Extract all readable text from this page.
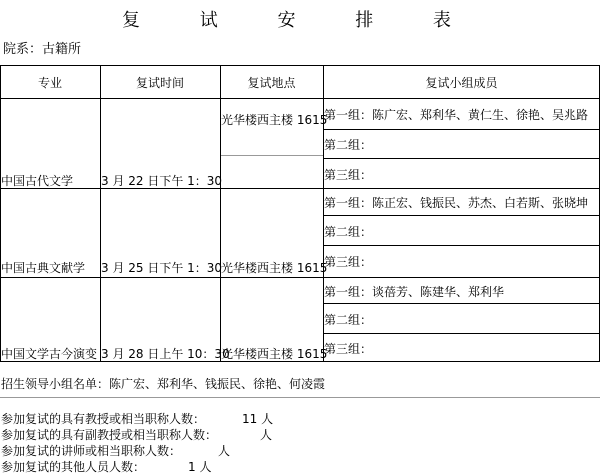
复 试 安 排 表
院系：古籍所
专业	复试时间	复试地点	复试小组成员
中国古代文学 3 月 22 日下午 1：30
光华楼西主楼 1615
第一组：陈广宏、郑利华、黄仁生、徐艳、吴兆路
第二组：
第三组：
中国古典文献学 3 月 25 日下午 1：30
光华楼西主楼 1615
第一组：陈正宏、钱振民、苏杰、白若斯、张晓坤
第二组：
第三组：
中国文学古今演变 3 月 28 日上午 10：30
光华楼西主楼 1615
第一组：谈蓓芳、陈建华、郑利华
第二组：
第三组：
招生领导小组名单：陈广宏、郑利华、钱振民、徐艳、何凌霞
参加复试的具有教授或相当职称人数：	11 人
参加复试的具有副教授或相当职称人数：	人
参加复试的讲师或相当职称人数：	人
参加复试的其他人员人数：	1 人
